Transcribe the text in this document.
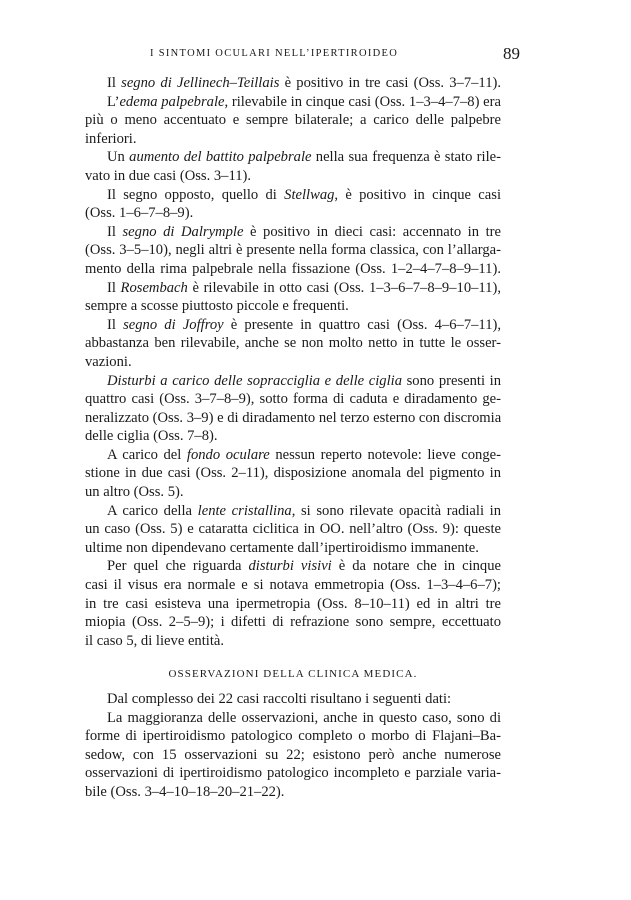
I SINTOMI OCULARI NELL’IPERTIROIDEO	89
Il segno di Jellinech–Teillais è positivo in tre casi (Oss. 3–7–11).
L’edema palpebrale, rilevabile in cinque casi (Oss. 1–3–4–7–8) era
più o meno accentuato e sempre bilaterale; a carico delle palpebre
inferiori.
Un aumento del battito palpebrale nella sua frequenza è stato rile-
vato in due casi (Oss. 3–11).
Il segno opposto, quello di Stellwag, è positivo in cinque casi
(Oss. 1–6–7–8–9).
Il segno di Dalrymple è positivo in dieci casi: accennato in tre
(Oss. 3–5–10), negli altri è presente nella forma classica, con l’allarga-
mento della rima palpebrale nella fissazione (Oss. 1–2–4–7–8–9–11).
Il Rosembach è rilevabile in otto casi (Oss. 1–3–6–7–8–9–10–11),
sempre a scosse piuttosto piccole e frequenti.
Il segno di Joffroy è presente in quattro casi (Oss. 4–6–7–11),
abbastanza ben rilevabile, anche se non molto netto in tutte le osser-
vazioni.
Disturbi a carico delle sopracciglia e delle ciglia sono presenti in
quattro casi (Oss. 3–7–8–9), sotto forma di caduta e diradamento ge-
neralizzato (Oss. 3–9) e di diradamento nel terzo esterno con discromia
delle ciglia (Oss. 7–8).
A carico del fondo oculare nessun reperto notevole: lieve conge-
stione in due casi (Oss. 2–11), disposizione anomala del pigmento in
un altro (Oss. 5).
A carico della lente cristallina, si sono rilevate opacità radiali in
un caso (Oss. 5) e cataratta ciclitica in OO. nell’altro (Oss. 9): queste
ultime non dipendevano certamente dall’ipertiroidismo immanente.
Per quel che riguarda disturbi visivi è da notare che in cinque
casi il visus era normale e si notava emmetropia (Oss. 1–3–4–6–7);
in tre casi esisteva una ipermetropia (Oss. 8–10–11) ed in altri tre
miopia (Oss. 2–5–9); i difetti di refrazione sono sempre, eccettuato
il caso 5, di lieve entità.
OSSERVAZIONI DELLA CLINICA MEDICA.
Dal complesso dei 22 casi raccolti risultano i seguenti dati:
La maggioranza delle osservazioni, anche in questo caso, sono di
forme di ipertiroidismo patologico completo o morbo di Flajani–Ba-
sedow, con 15 osservazioni su 22; esistono però anche numerose
osservazioni di ipertiroidismo patologico incompleto e parziale varia-
bile (Oss. 3–4–10–18–20–21–22).
